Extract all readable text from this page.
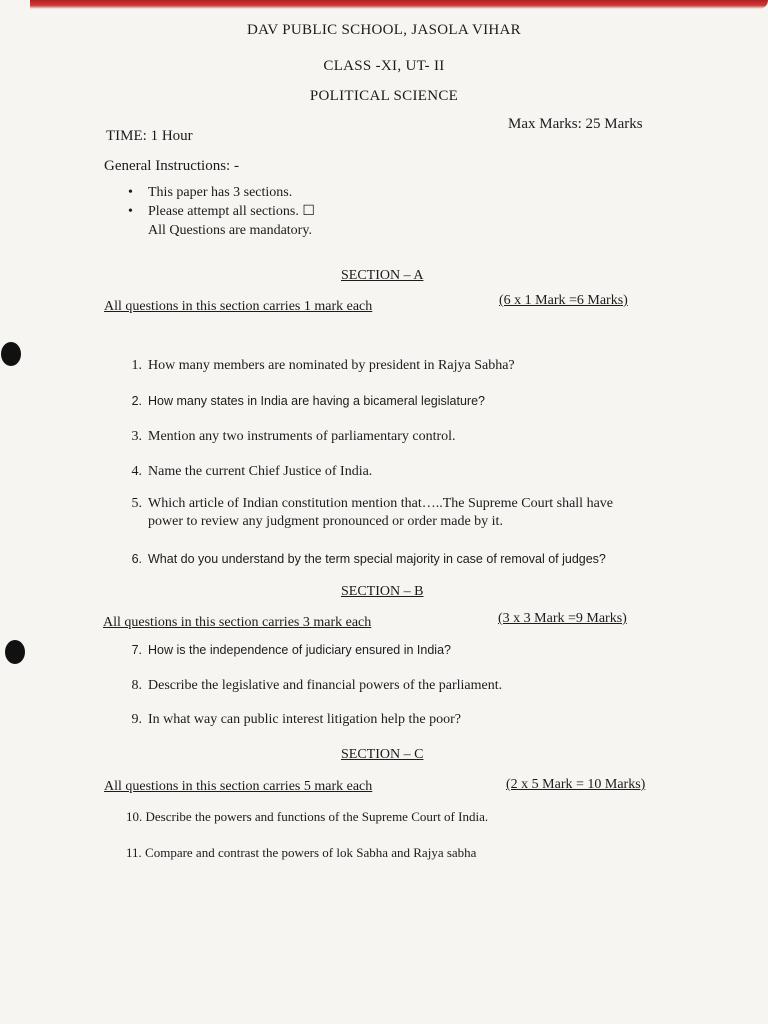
DAV PUBLIC SCHOOL, JASOLA VIHAR
CLASS -XI, UT- II
POLITICAL SCIENCE
TIME: 1 Hour
Max Marks: 25 Marks
General Instructions: -
• This paper has 3 sections.
• Please attempt all sections. ☐
All Questions are mandatory.
SECTION – A
All questions in this section carries 1 mark each	(6 x 1 Mark =6 Marks)
1. How many members are nominated by president in Rajya Sabha?
2. How many states in India are having a bicameral legislature?
3. Mention any two instruments of parliamentary control.
4. Name the current Chief Justice of India.
5. Which article of Indian constitution mention that…..The Supreme Court shall have
power to review any judgment pronounced or order made by it.
6. What do you understand by the term special majority in case of removal of judges?
SECTION – B
All questions in this section carries 3 mark each	(3 x 3 Mark =9 Marks)
7. How is the independence of judiciary ensured in India?
8. Describe the legislative and financial powers of the parliament.
9. In what way can public interest litigation help the poor?
SECTION – C
All questions in this section carries 5 mark each	(2 x 5 Mark = 10 Marks)
10. Describe the powers and functions of the Supreme Court of India.
11. Compare and contrast the powers of lok Sabha and Rajya sabha
